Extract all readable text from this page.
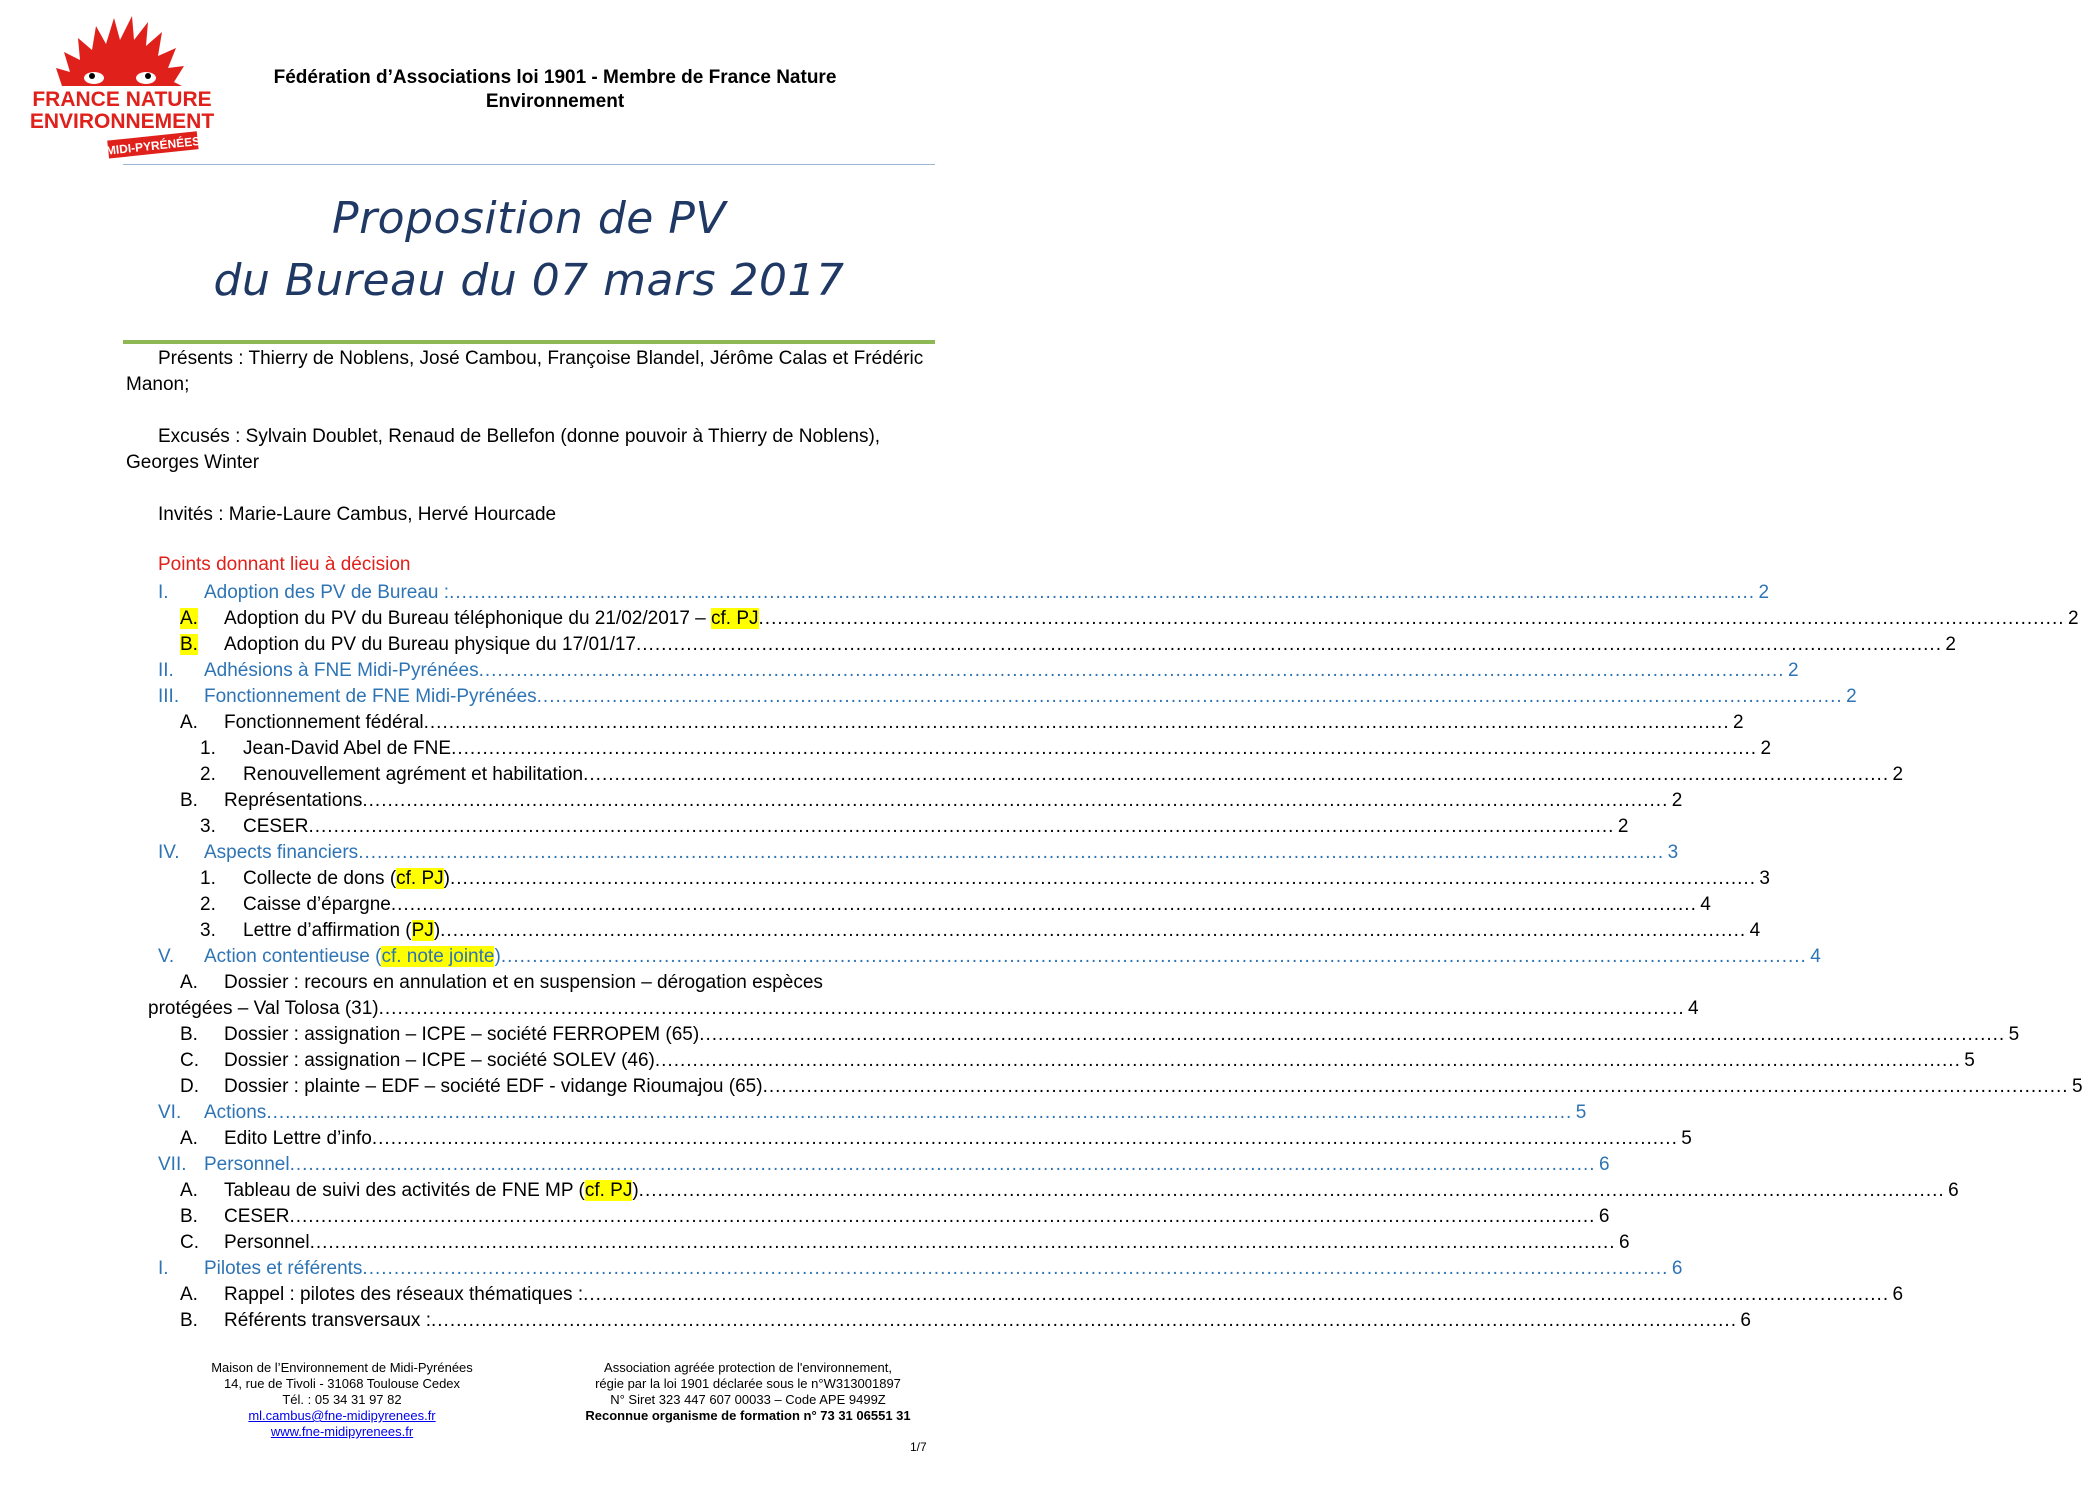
FRANCE NATURE
ENVIRONNEMENT
MIDI-PYRÉNÉES
Fédération d’Associations loi 1901 - Membre de France Nature
Environnement
Proposition de PV
du Bureau du 07 mars 2017
Présents : Thierry de Noblens, José Cambou, Françoise Blandel, Jérôme Calas et Frédéric
Manon;
Excusés : Sylvain Doublet, Renaud de Bellefon (donne pouvoir à Thierry de Noblens),
Georges Winter
Invités : Marie-Laure Cambus, Hervé Hourcade
Points donnant lieu à décision
I.	Adoption des PV de Bureau : .....	2
A.	Adoption du PV du Bureau téléphonique du 21/02/2017 – cf. PJ .....	2
B.	Adoption du PV du Bureau physique du 17/01/17 .....	2
II.	Adhésions à FNE Midi-Pyrénées .....	2
III.	Fonctionnement de FNE Midi-Pyrénées .....	2
A.	Fonctionnement fédéral .....	2
1.	Jean-David Abel de FNE .....	2
2.	Renouvellement agrément et habilitation .....	2
B.	Représentations .....	2
3.	CESER .....	2
IV.	Aspects financiers .....	3
1.	Collecte de dons (cf. PJ) .....	3
2.	Caisse d’épargne .....	4
3.	Lettre d’affirmation (PJ) .....	4
V.	Action contentieuse (cf. note jointe) .....	4
A. Dossier : recours en annulation et en suspension – dérogation espèces
protégées – Val Tolosa (31) .....	4
B.	Dossier : assignation – ICPE – société FERROPEM (65) .....	5
C.	Dossier : assignation – ICPE – société SOLEV (46) .....	5
D.	Dossier : plainte – EDF – société EDF - vidange Rioumajou (65) .....	5
VI.	Actions .....	5
A.	Edito Lettre d’info .....	5
VII. Personnel .....	6
A.	Tableau de suivi des activités de FNE MP (cf. PJ) .....	6
B.	CESER .....	6
C.	Personnel .....	6
I.	Pilotes et référents .....	6
A.	Rappel : pilotes des réseaux thématiques : .....	6
B.	Référents transversaux : .....	6
Maison de l’Environnement de Midi-Pyrénées
14, rue de Tivoli - 31068 Toulouse Cedex
Tél. : 05 34 31 97 82
ml.cambus@fne-midipyrenees.fr
www.fne-midipyrenees.fr
Association agréée protection de l'environnement,
régie par la loi 1901 déclarée sous le n°W313001897
N° Siret 323 447 607 00033 – Code APE 9499Z
Reconnue organisme de formation n° 73 31 06551 31
1/7
